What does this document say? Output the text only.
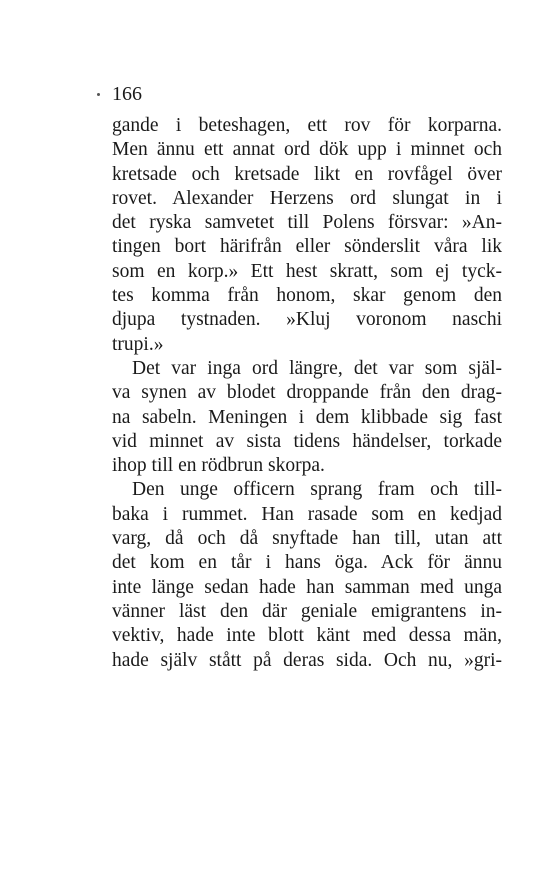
166
gande i beteshagen, ett rov för korparna.
Men ännu ett annat ord dök upp i minnet och
kretsade och kretsade likt en rovfågel över
rovet. Alexander Herzens ord slungat in i
det ryska samvetet till Polens försvar: »An-
tingen bort härifrån eller sönderslit våra lik
som en korp.» Ett hest skratt, som ej tyck-
tes komma från honom, skar genom den
djupa tystnaden. »Kluj voronom naschi
trupi.»
Det var inga ord längre, det var som själ-
va synen av blodet droppande från den drag-
na sabeln. Meningen i dem klibbade sig fast
vid minnet av sista tidens händelser, torkade
ihop till en rödbrun skorpa.
Den unge officern sprang fram och till-
baka i rummet. Han rasade som en kedjad
varg, då och då snyftade han till, utan att
det kom en tår i hans öga. Ack för ännu
inte länge sedan hade han samman med unga
vänner läst den där geniale emigrantens in-
vektiv, hade inte blott känt med dessa män,
hade själv stått på deras sida. Och nu, »gri-
